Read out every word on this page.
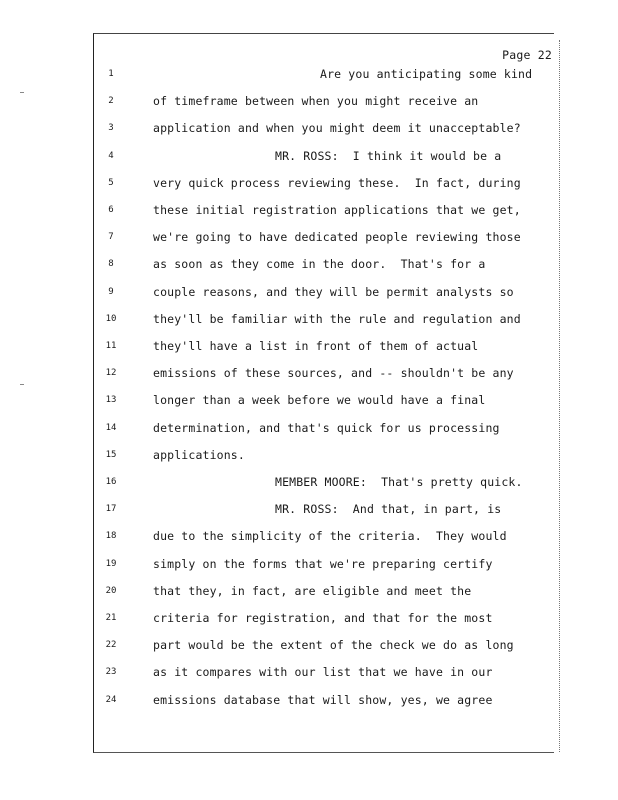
Page 22
1	Are you anticipating some kind
2	of timeframe between when you might receive an
3	application and when you might deem it unacceptable?
4	MR. ROSS:  I think it would be a
5	very quick process reviewing these.  In fact, during
6	these initial registration applications that we get,
7	we're going to have dedicated people reviewing those
8	as soon as they come in the door.  That's for a
9	couple reasons, and they will be permit analysts so
10	they'll be familiar with the rule and regulation and
11	they'll have a list in front of them of actual
12	emissions of these sources, and -- shouldn't be any
13	longer than a week before we would have a final
14	determination, and that's quick for us processing
15	applications.
16	MEMBER MOORE:  That's pretty quick.
17	MR. ROSS:  And that, in part, is
18	due to the simplicity of the criteria.  They would
19	simply on the forms that we're preparing certify
20	that they, in fact, are eligible and meet the
21	criteria for registration, and that for the most
22	part would be the extent of the check we do as long
23	as it compares with our list that we have in our
24	emissions database that will show, yes, we agree
